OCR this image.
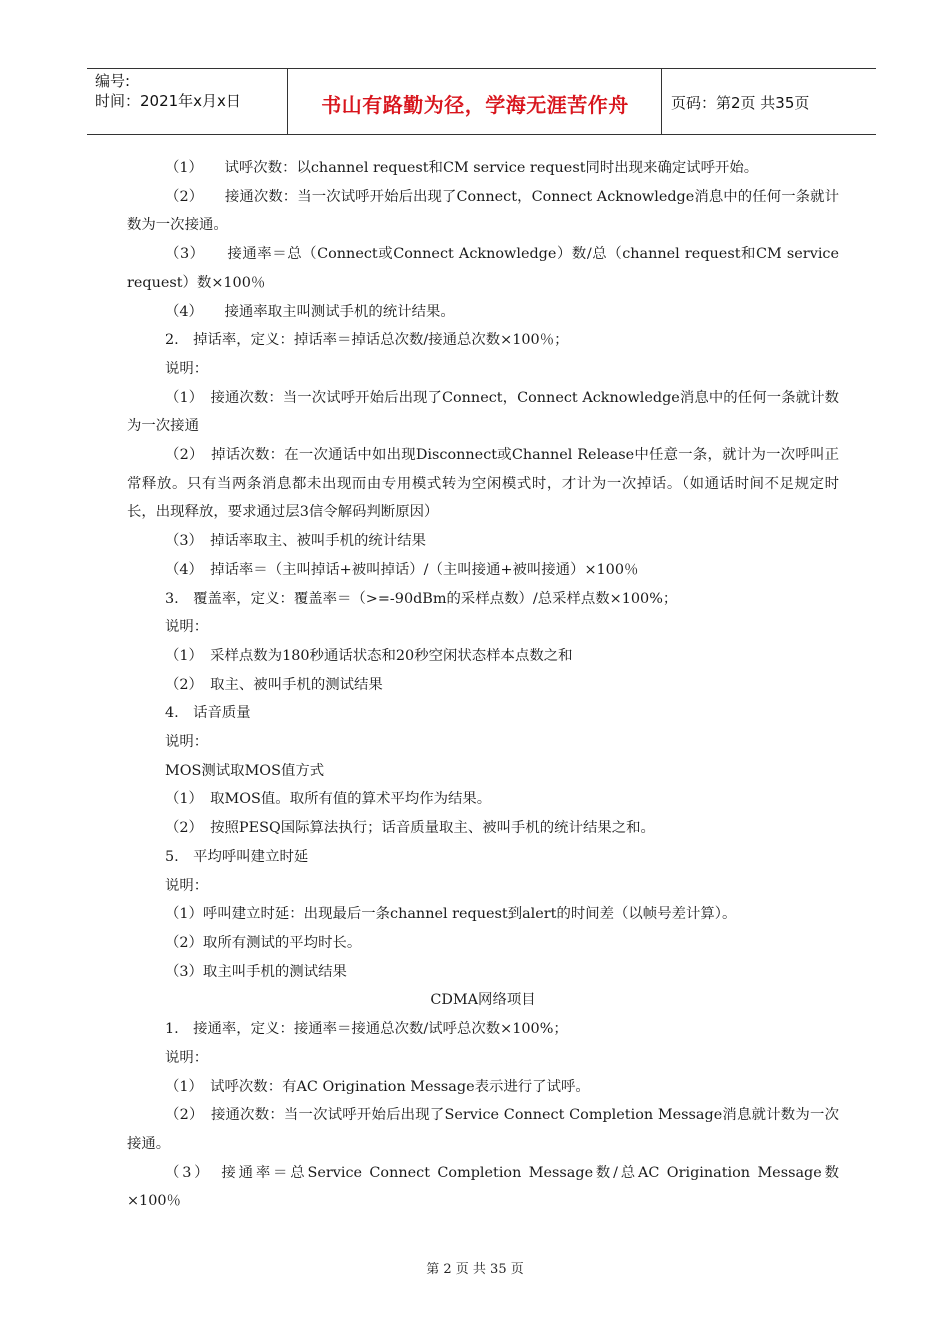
编号:
时间：2021年x月x日	书山有路勤为径，学海无涯苦作舟	页码：第2页 共35页

（1）　　试呼次数：以channel request和CM service request同时出现来确定试呼开始。

（2）　　接通次数：当一次试呼开始后出现了Connect，Connect Acknowledge消息中的任何一条就计数为一次接通。

（3）　　接通率＝总（Connect或Connect Acknowledge）数/总（channel request和CM service request）数×100％

（4）　　接通率取主叫测试手机的统计结果。

2.　掉话率，定义：掉话率＝掉话总次数/接通总次数×100％；

说明：

（1）　接通次数：当一次试呼开始后出现了Connect，Connect Acknowledge消息中的任何一条就计数为一次接通

（2）　掉话次数：在一次通话中如出现Disconnect或Channel Release中任意一条，就计为一次呼叫正常释放。只有当两条消息都未出现而由专用模式转为空闲模式时，才计为一次掉话。（如通话时间不足规定时长，出现释放，要求通过层3信令解码判断原因）

（3）　掉话率取主、被叫手机的统计结果

（4）　掉话率＝（主叫掉话+被叫掉话）/（主叫接通+被叫接通）×100％

3.　覆盖率，定义：覆盖率＝（>=-90dBm的采样点数）/总采样点数×100%；

说明：

（1）　采样点数为180秒通话状态和20秒空闲状态样本点数之和

（2）　取主、被叫手机的测试结果

4.　话音质量

说明：

MOS测试取MOS值方式

（1）　取MOS值。取所有值的算术平均作为结果。

（2）　按照PESQ国际算法执行；话音质量取主、被叫手机的统计结果之和。

5.　平均呼叫建立时延

说明：

（1）呼叫建立时延：出现最后一条channel request到alert的时间差（以帧号差计算）。

（2）取所有测试的平均时长。

（3）取主叫手机的测试结果

CDMA网络项目

1.　接通率，定义：接通率＝接通总次数/试呼总次数×100%；

说明：

（1）　试呼次数：有AC Origination Message表示进行了试呼。

（2）　接通次数：当一次试呼开始后出现了Service Connect Completion Message消息就计数为一次接通。

（3）　接通率＝总Service Connect Completion Message数/总AC Origination Message数×100％

第 2 页 共 35 页
